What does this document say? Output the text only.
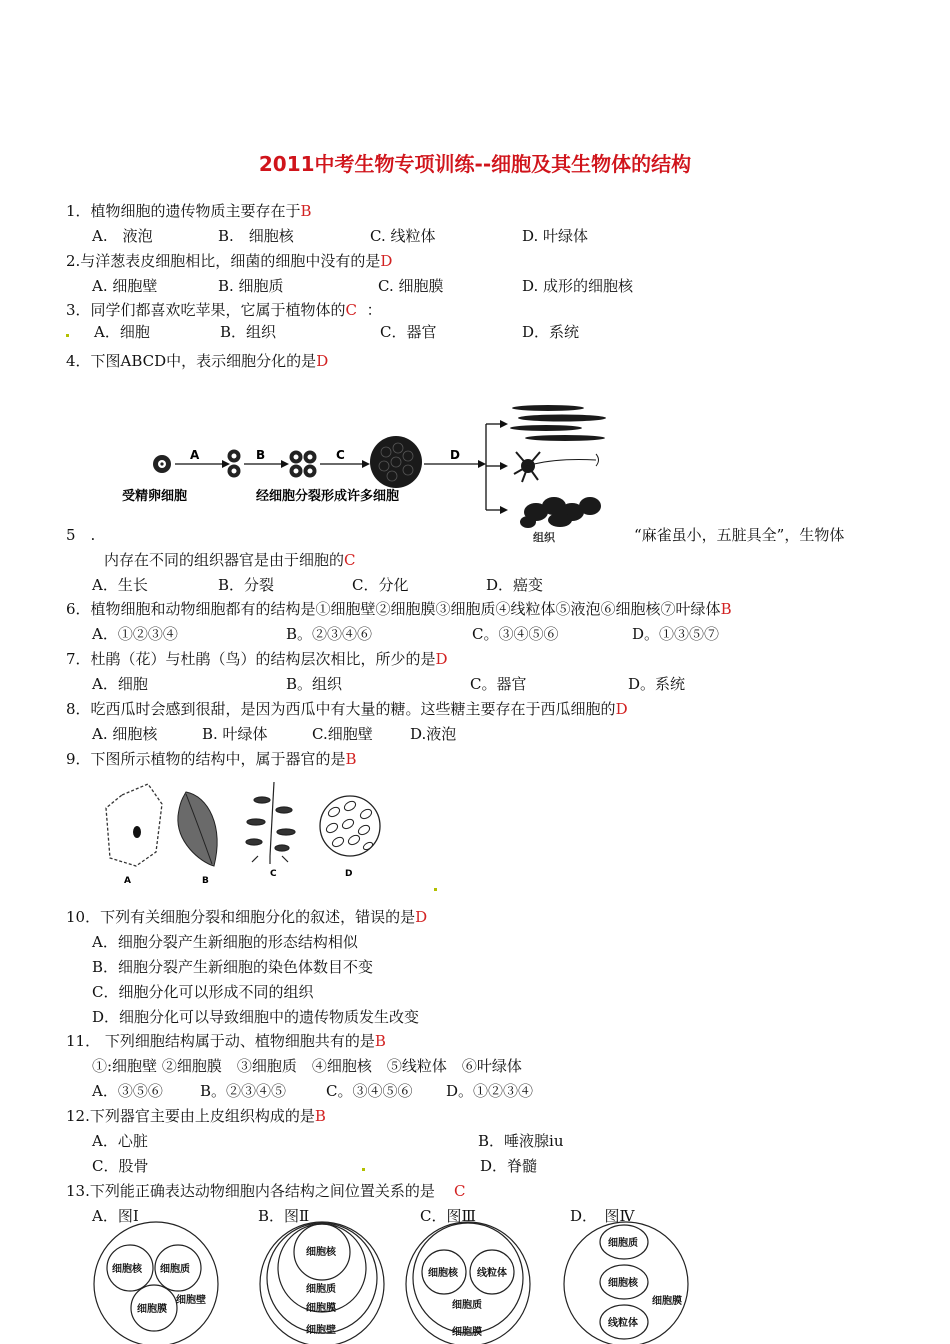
2011中考生物专项训练--细胞及其生物体的结构
1．植物细胞的遗传物质主要存在于B
A.　液泡	B.　细胞核	C. 线粒体	D. 叶绿体
2.与洋葱表皮细胞相比，细菌的细胞中没有的是D
A. 细胞壁	B. 细胞质	C. 细胞膜	D. 成形的细胞核
3．同学们都喜欢吃苹果，它属于植物体的C ：
A．细胞	B．组织	C．器官	D．系统
4．下图ABCD中，表示细胞分化的是D
A	B	C	D
受精卵细胞	经细胞分裂形成许多细胞
组织
5　.	“麻雀虽小，五脏具全”，生物体
内存在不同的组织器官是由于细胞的C
A．生长	B．分裂	C．分化	D．癌变
6．植物细胞和动物细胞都有的结构是①细胞壁②细胞膜③细胞质④线粒体⑤液泡⑥细胞核⑦叶绿体B
A．①②③④	B。②③④⑥	C。③④⑤⑥	D。①③⑤⑦
7．杜鹃（花）与杜鹃（鸟）的结构层次相比，所少的是D
A．细胞	B。组织	C。器官	D。系统
8．吃西瓜时会感到很甜，是因为西瓜中有大量的糖。这些糖主要存在于西瓜细胞的D
A. 细胞核	B. 叶绿体	C.细胞壁 D.液泡
9．下图所示植物的结构中，属于器官的是B
A	B
C	D
10．下列有关细胞分裂和细胞分化的叙述，错误的是D
A．细胞分裂产生新细胞的形态结构相似
B．细胞分裂产生新细胞的染色体数目不变
C．细胞分化可以形成不同的组织
D．细胞分化可以导致细胞中的遗传物质发生改变
11． 下列细胞结构属于动、植物细胞共有的是B
①:细胞壁 ②细胞膜　③细胞质　④细胞核　⑤线粒体　⑥叶绿体
A．③⑤⑥ B。②③④⑤	C。③④⑤⑥ D。①②③④
12.下列器官主要由上皮组织构成的是B
A．心脏	B．唾液腺iu
C．股骨	D．脊髓
13.下列能正确表达动物细胞内各结构之间位置关系的是 C
A．图Ⅰ	B．图Ⅱ	C．图Ⅲ	D．　图Ⅳ
细胞核 细胞质
细胞膜
细胞壁
细胞核
细胞质
细胞膜
细胞壁
细胞核 线粒体
细胞质
细胞膜
细胞质
细胞核
线粒体
细胞膜
